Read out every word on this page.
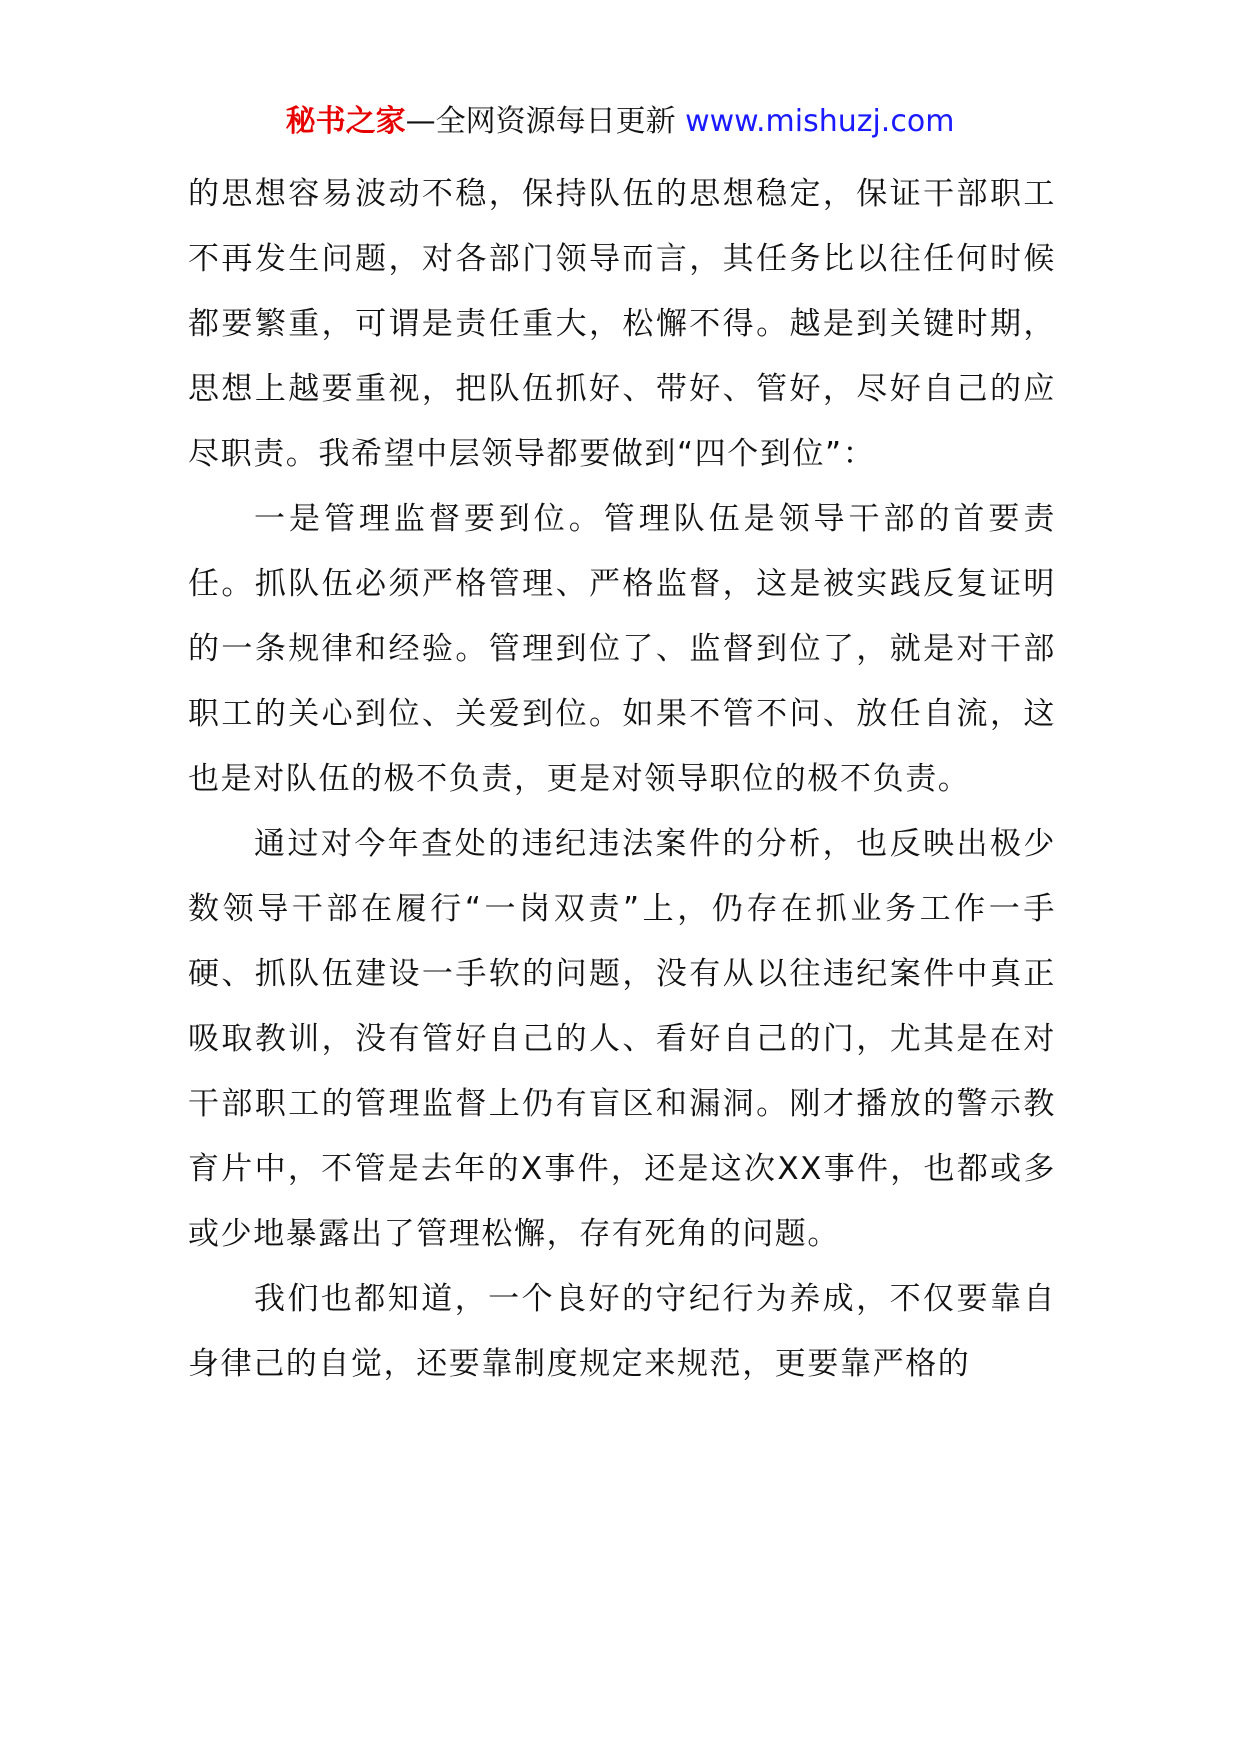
秘书之家—全网资源每日更新 www.mishuzj.com

的思想容易波动不稳，保持队伍的思想稳定，保证干部职工不再发生问题，对各部门领导而言，其任务比以往任何时候都要繁重，可谓是责任重大，松懈不得。越是到关键时期，思想上越要重视，把队伍抓好、带好、管好，尽好自己的应尽职责。我希望中层领导都要做到“四个到位”：

一是管理监督要到位。管理队伍是领导干部的首要责任。抓队伍必须严格管理、严格监督，这是被实践反复证明的一条规律和经验。管理到位了、监督到位了，就是对干部职工的关心到位、关爱到位。如果不管不问、放任自流，这也是对队伍的极不负责，更是对领导职位的极不负责。

通过对今年查处的违纪违法案件的分析，也反映出极少数领导干部在履行“一岗双责”上，仍存在抓业务工作一手硬、抓队伍建设一手软的问题，没有从以往违纪案件中真正吸取教训，没有管好自己的人、看好自己的门，尤其是在对干部职工的管理监督上仍有盲区和漏洞。刚才播放的警示教育片中，不管是去年的X事件，还是这次XX事件，也都或多或少地暴露出了管理松懈，存有死角的问题。

我们也都知道，一个良好的守纪行为养成，不仅要靠自身律己的自觉，还要靠制度规定来规范，更要靠严格的
